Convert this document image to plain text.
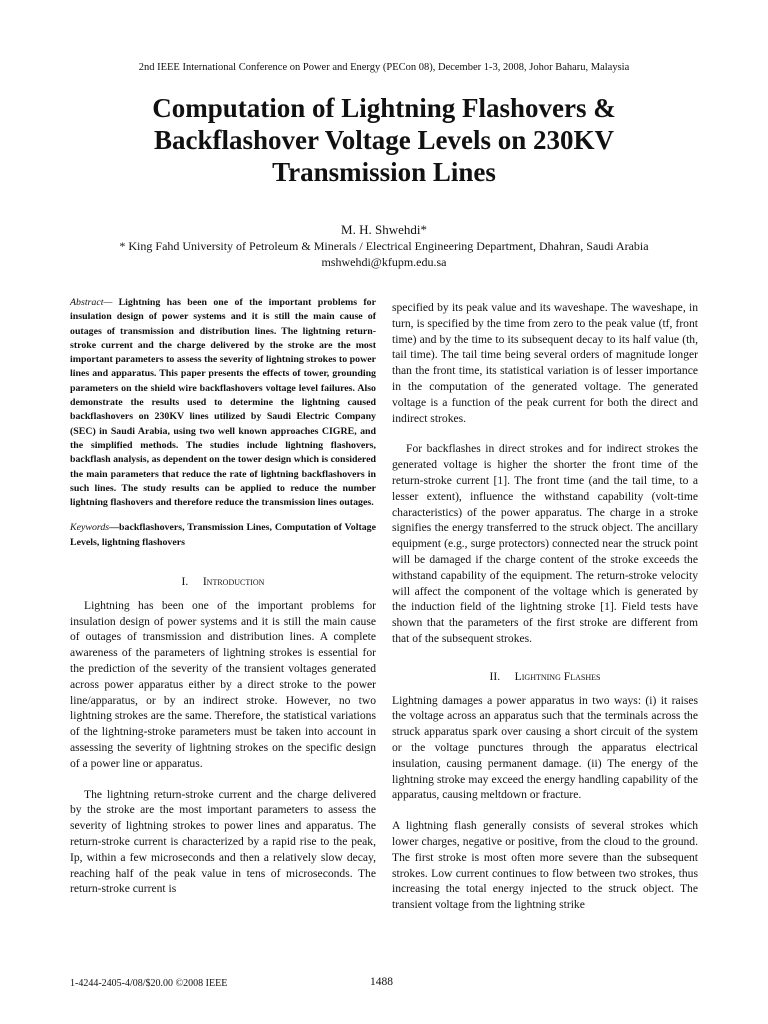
2nd IEEE International Conference on Power and Energy (PECon 08), December 1-3, 2008, Johor Baharu, Malaysia
Computation of Lightning Flashovers & Backflashover Voltage Levels on 230KV Transmission Lines
M. H. Shwehdi*
* King Fahd University of Petroleum & Minerals / Electrical Engineering Department, Dhahran, Saudi Arabia
mshwehdi@kfupm.edu.sa
Abstract— Lightning has been one of the important problems for insulation design of power systems and it is still the main cause of outages of transmission and distribution lines. The lightning return-stroke current and the charge delivered by the stroke are the most important parameters to assess the severity of lightning strokes to power lines and apparatus. This paper presents the effects of tower, grounding parameters on the shield wire backflashovers voltage level failures. Also demonstrate the results used to determine the lightning caused backflashovers on 230KV lines utilized by Saudi Electric Company (SEC) in Saudi Arabia, using two well known approaches CIGRE, and the simplified methods. The studies include lightning flashovers, backflash analysis, as dependent on the tower design which is considered the main parameters that reduce the rate of lightning backflashovers in such lines. The study results can be applied to reduce the number lightning flashovers and therefore reduce the transmission lines outages.
Keywords—backflashovers, Transmission Lines, Computation of Voltage Levels, lightning flashovers
I. Introduction

Lightning has been one of the important problems for insulation design of power systems and it is still the main cause of outages of transmission and distribution lines. A complete awareness of the parameters of lightning strokes is essential for the prediction of the severity of the transient voltages generated across power apparatus either by a direct stroke to the power line/apparatus, or by an indirect stroke. However, no two lightning strokes are the same. Therefore, the statistical variations of the lightning-stroke parameters must be taken into account in assessing the severity of lightning strokes on the specific design of a power line or apparatus.

The lightning return-stroke current and the charge delivered by the stroke are the most important parameters to assess the severity of lightning strokes to power lines and apparatus. The return-stroke current is characterized by a rapid rise to the peak, Ip, within a few microseconds and then a relatively slow decay, reaching half of the peak value in tens of microseconds. The return-stroke current is

specified by its peak value and its waveshape. The waveshape, in turn, is specified by the time from zero to the peak value (tf, front time) and by the time to its subsequent decay to its half value (th, tail time). The tail time being several orders of magnitude longer than the front time, its statistical variation is of lesser importance in the computation of the generated voltage. The generated voltage is a function of the peak current for both the direct and indirect strokes.

For backflashes in direct strokes and for indirect strokes the generated voltage is higher the shorter the front time of the return-stroke current [1]. The front time (and the tail time, to a lesser extent), influence the withstand capability (volt-time characteristics) of the power apparatus. The charge in a stroke signifies the energy transferred to the struck object. The ancillary equipment (e.g., surge protectors) connected near the struck point will be damaged if the charge content of the stroke exceeds the withstand capability of the equipment. The return-stroke velocity will affect the component of the voltage which is generated by the induction field of the lightning stroke [1]. Field tests have shown that the parameters of the first stroke are different from that of the subsequent strokes.

II. Lightning Flashes

Lightning damages a power apparatus in two ways: (i) it raises the voltage across an apparatus such that the terminals across the struck apparatus spark over causing a short circuit of the system or the voltage punctures through the apparatus electrical insulation, causing permanent damage. (ii) The energy of the lightning stroke may exceed the energy handling capability of the apparatus, causing meltdown or fracture.

A lightning flash generally consists of several strokes which lower charges, negative or positive, from the cloud to the ground. The first stroke is most often more severe than the subsequent strokes. Low current continues to flow between two strokes, thus increasing the total energy injected to the struck object. The transient voltage from the lightning strike

1-4244-2405-4/08/$20.00 ©2008 IEEE	1488
